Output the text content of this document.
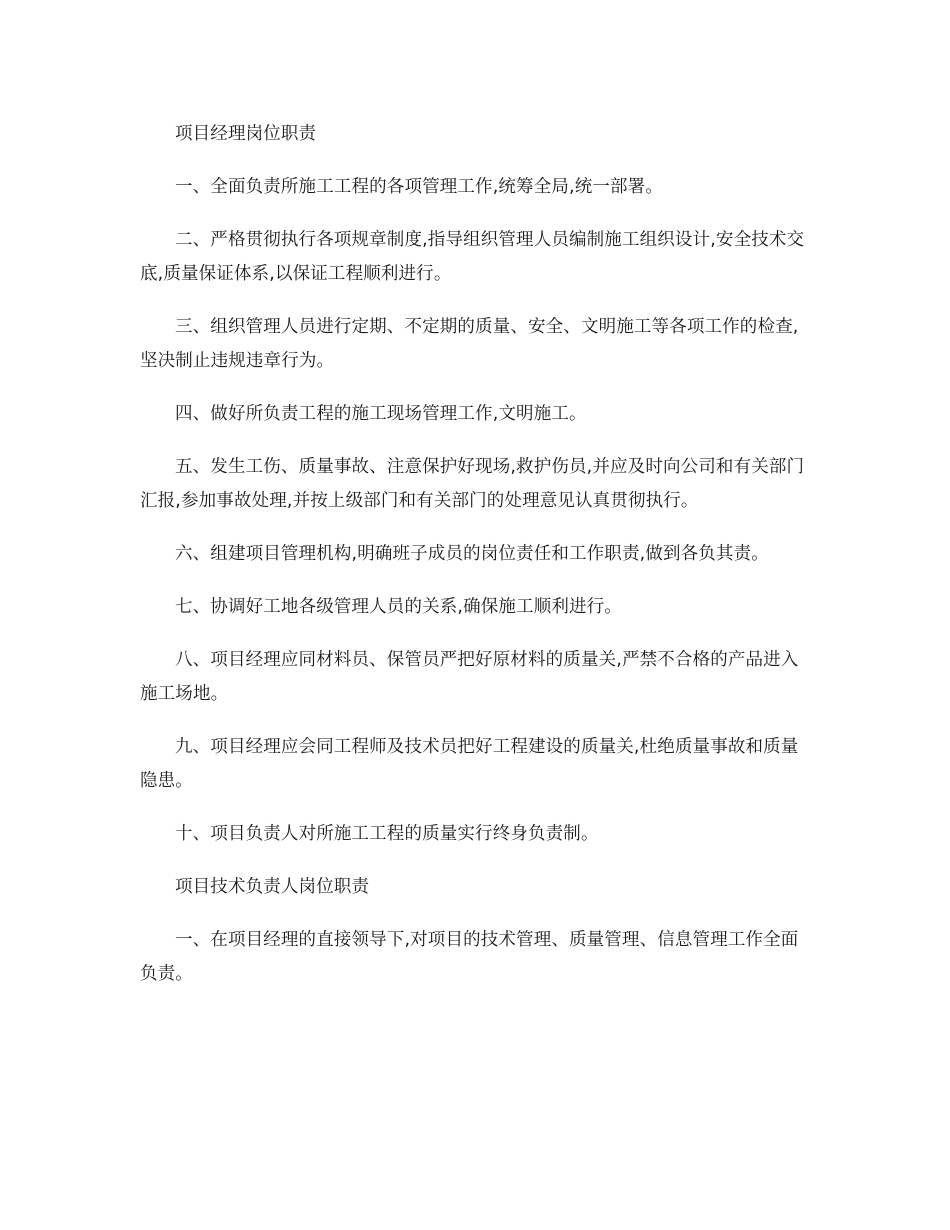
项目经理岗位职责

一、全面负责所施工工程的各项管理工作,统筹全局,统一部署。

二、严格贯彻执行各项规章制度,指导组织管理人员编制施工组织设计,安全技术交底,质量保证体系,以保证工程顺利进行。

三、组织管理人员进行定期、不定期的质量、安全、文明施工等各项工作的检查,坚决制止违规违章行为。

四、做好所负责工程的施工现场管理工作,文明施工。

五、发生工伤、质量事故、注意保护好现场,救护伤员,并应及时向公司和有关部门汇报,参加事故处理,并按上级部门和有关部门的处理意见认真贯彻执行。

六、组建项目管理机构,明确班子成员的岗位责任和工作职责,做到各负其责。

七、协调好工地各级管理人员的关系,确保施工顺利进行。

八、项目经理应同材料员、保管员严把好原材料的质量关,严禁不合格的产品进入施工场地。

九、项目经理应会同工程师及技术员把好工程建设的质量关,杜绝质量事故和质量隐患。

十、项目负责人对所施工工程的质量实行终身负责制。

项目技术负责人岗位职责

一、在项目经理的直接领导下,对项目的技术管理、质量管理、信息管理工作全面负责。
